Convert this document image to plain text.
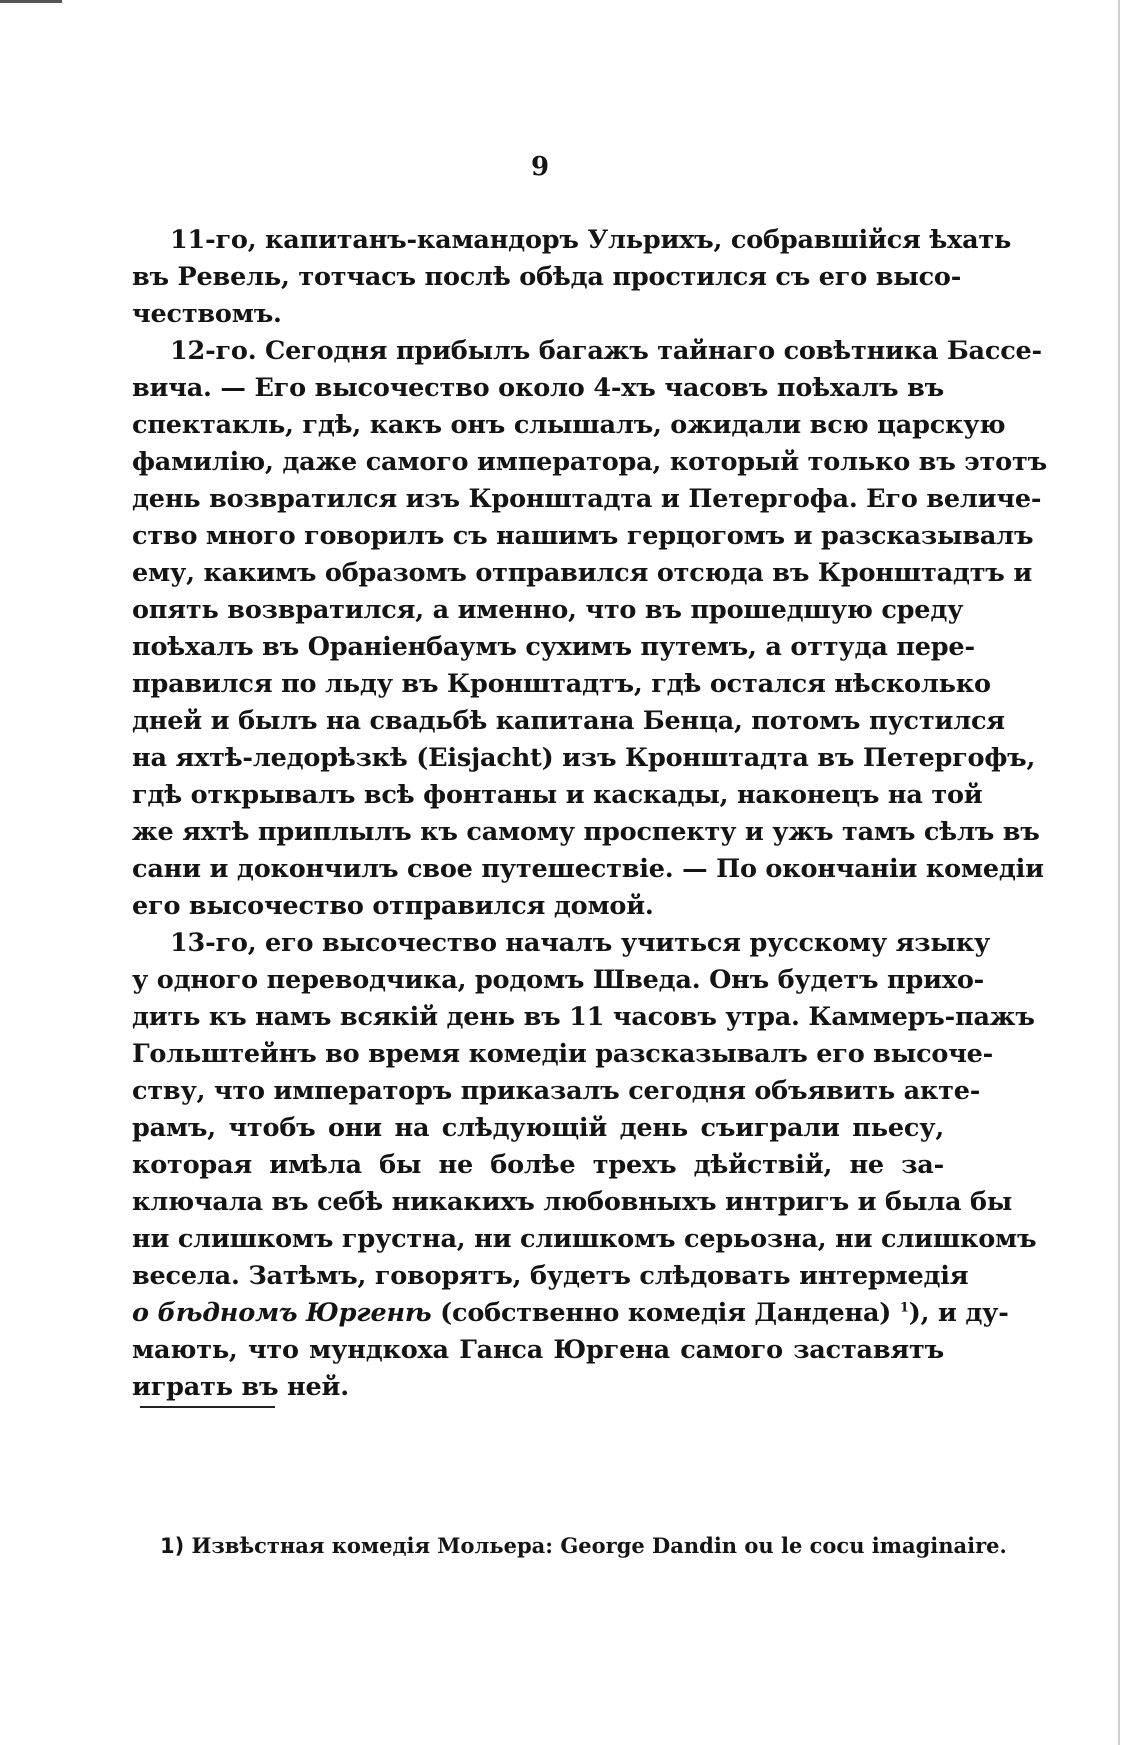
9
11-го, капитанъ-камандоръ Ульрихъ, собравшійся ѣхать
въ Ревель, тотчасъ послѣ обѣда простился съ его высо-
чествомъ.
12-го. Сегодня прибылъ багажъ тайнаго совѣтника Бассе-
вича. — Его высочество около 4-хъ часовъ поѣхалъ въ
спектакль, гдѣ, какъ онъ слышалъ, ожидали всю царскую
фамилію, даже самого императора, который только въ этотъ
день возвратился изъ Кронштадта и Петергофа. Его величе-
ство много говорилъ съ нашимъ герцогомъ и разсказывалъ
ему, какимъ образомъ отправился отсюда въ Кронштадтъ и
опять возвратился, а именно, что въ прошедшую среду
поѣхалъ въ Ораніенбаумъ сухимъ путемъ, а оттуда пере-
правился по льду въ Кронштадтъ, гдѣ остался нѣсколько
дней и былъ на свадьбѣ капитана Бенца, потомъ пустился
на яхтѣ-ледорѣзкѣ (Eisjacht) изъ Кронштадта въ Петергофъ,
гдѣ открывалъ всѣ фонтаны и каскады, наконецъ на той
же яхтѣ приплылъ къ самому проспекту и ужъ тамъ сѣлъ въ
сани и докончилъ свое путешествіе. — По окончаніи комедіи
его высочество отправился домой.
13-го, его высочество началъ учиться русскому языку
у одного переводчика, родомъ Шведа. Онъ будетъ прихо-
дить къ намъ всякій день въ 11 часовъ утра. Каммеръ-пажъ
Гольштейнъ во время комедіи разсказывалъ его высоче-
ству, что императоръ приказалъ сегодня объявить акте-
рамъ, чтобъ они на слѣдующій день съиграли пьесу,
которая имѣла бы не болѣе трехъ дѣйствій, не за-
ключала въ себѣ никакихъ любовныхъ интригъ и была бы
ни слишкомъ грустна, ни слишкомъ серьозна, ни слишкомъ
весела. Затѣмъ, говорятъ, будетъ слѣдовать интермедія
о бѣдномъ Юргенѣ (собственно комедія Дандена) $^1$), и ду-
мають, что мундкоха Ганса Юргена самого заставятъ
играть въ ней.
1) Извѣстная комедія Мольера: George Dandin ou le cocu imaginaire.
